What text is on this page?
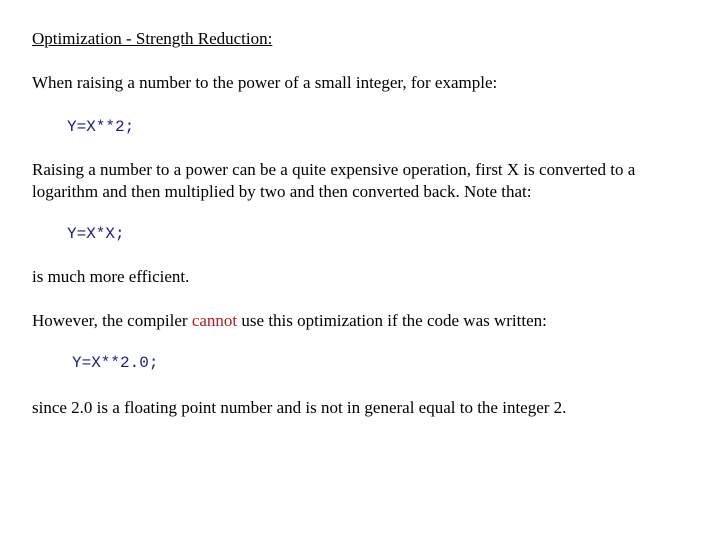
Optimization - Strength Reduction:

When raising a number to the power of a small integer, for example:

Y=X**2;

Raising a number to a power can be a quite expensive operation, first X is converted to a logarithm and then multiplied by two and then converted back. Note that:

Y=X*X;

is much more efficient.

However, the compiler cannot use this optimization if the code was written:

Y=X**2.0;

since 2.0 is a floating point number and is not in general equal to the integer 2.
